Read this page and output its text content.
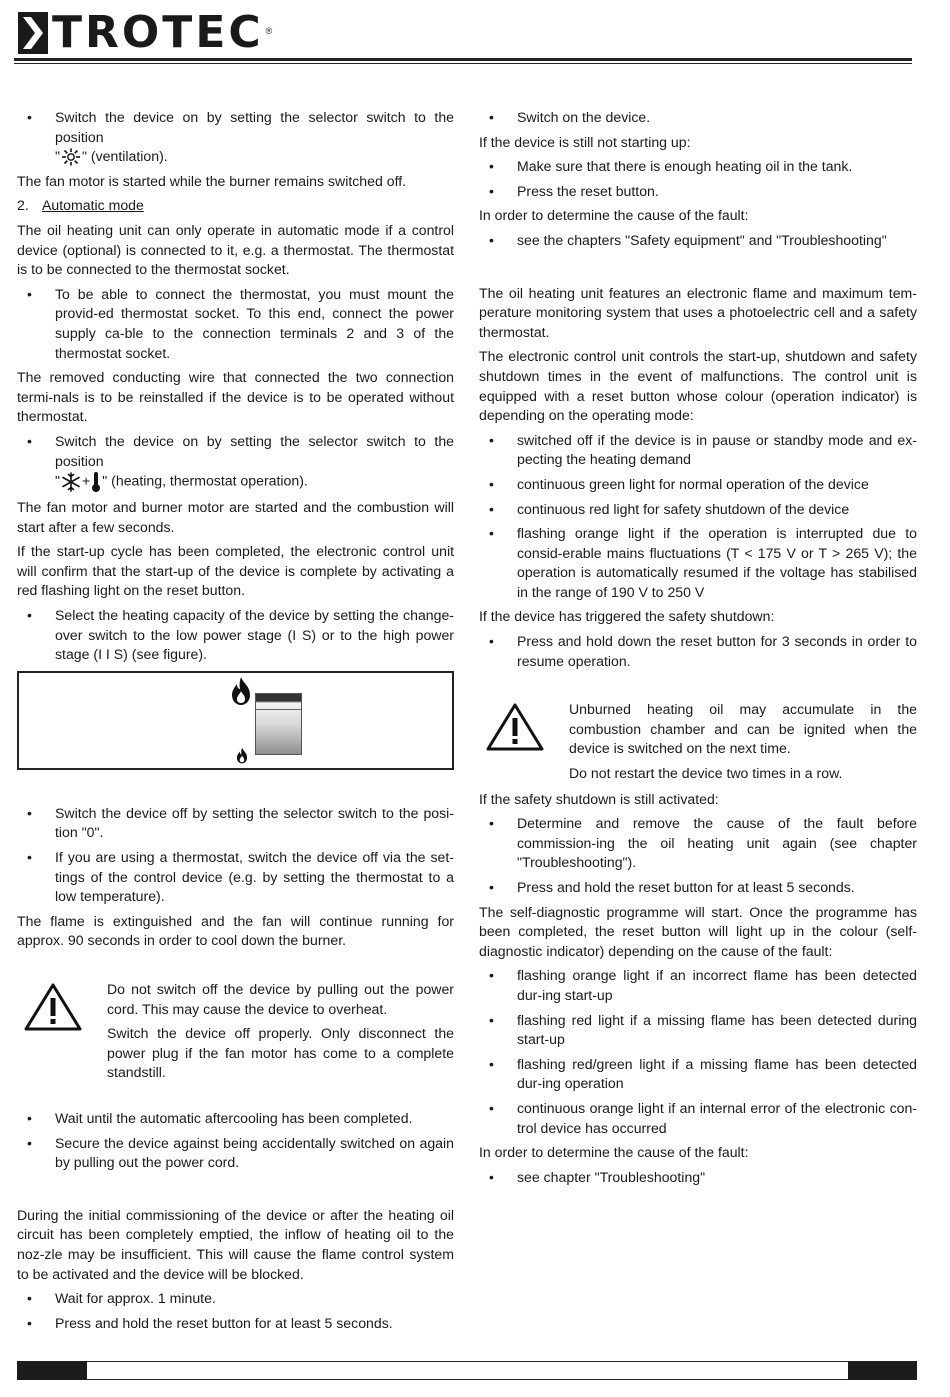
TROTEC ®
• Switch the device on by setting the selector switch to the position
" " (ventilation).
The fan motor is started while the burner remains switched off.
2. Automatic mode
The oil heating unit can only operate in automatic mode if a control device (optional) is connected to it, e.g. a thermostat. The thermostat is to be connected to the thermostat socket.
• To be able to connect the thermostat, you must mount the provid-ed thermostat socket. To this end, connect the power supply ca-ble to the connection terminals 2 and 3 of the thermostat socket.
The removed conducting wire that connected the two connection termi-nals is to be reinstalled if the device is to be operated without thermostat.
• Switch the device on by setting the selector switch to the position
" + " (heating, thermostat operation).
The fan motor and burner motor are started and the combustion will start after a few seconds.
If the start-up cycle has been completed, the electronic control unit will confirm that the start-up of the device is complete by activating a red flashing light on the reset button.
• Select the heating capacity of the device by setting the change-over switch to the low power stage (I S) or to the high power stage (I I S) (see figure).
• Switch the device off by setting the selector switch to the posi-tion "0".
• If you are using a thermostat, switch the device off via the set-tings of the control device (e.g. by setting the thermostat to a low temperature).
The flame is extinguished and the fan will continue running for approx. 90 seconds in order to cool down the burner.
Do not switch off the device by pulling out the power cord. This may cause the device to overheat.
Switch the device off properly. Only disconnect the power plug if the fan motor has come to a complete standstill.
• Wait until the automatic aftercooling has been completed.
• Secure the device against being accidentally switched on again by pulling out the power cord.
During the initial commissioning of the device or after the heating oil circuit has been completely emptied, the inflow of heating oil to the noz-zle may be insufficient. This will cause the flame control system to be activated and the device will be blocked.
• Wait for approx. 1 minute.
• Press and hold the reset button for at least 5 seconds.
• Switch on the device.
If the device is still not starting up:
• Make sure that there is enough heating oil in the tank.
• Press the reset button.
In order to determine the cause of the fault:
• see the chapters "Safety equipment" and "Troubleshooting"
The oil heating unit features an electronic flame and maximum tem-perature monitoring system that uses a photoelectric cell and a safety thermostat.
The electronic control unit controls the start-up, shutdown and safety shutdown times in the event of malfunctions. The control unit is equipped with a reset button whose colour (operation indicator) is depending on the operating mode:
• switched off if the device is in pause or standby mode and ex-pecting the heating demand
• continuous green light for normal operation of the device
• continuous red light for safety shutdown of the device
• flashing orange light if the operation is interrupted due to consid-erable mains fluctuations (T < 175 V or T > 265 V); the operation is automatically resumed if the voltage has stabilised in the range of 190 V to 250 V
If the device has triggered the safety shutdown:
• Press and hold down the reset button for 3 seconds in order to resume operation.
Unburned heating oil may accumulate in the combustion chamber and can be ignited when the device is switched on the next time.
Do not restart the device two times in a row.
If the safety shutdown is still activated:
• Determine and remove the cause of the fault before commission-ing the oil heating unit again (see chapter "Troubleshooting").
• Press and hold the reset button for at least 5 seconds.
The self-diagnostic programme will start. Once the programme has been completed, the reset button will light up in the colour (self-diagnostic indicator) depending on the cause of the fault:
• flashing orange light if an incorrect flame has been detected dur-ing start-up
• flashing red light if a missing flame has been detected during start-up
• flashing red/green light if a missing flame has been detected dur-ing operation
• continuous orange light if an internal error of the electronic con-trol device has occurred
In order to determine the cause of the fault:
• see chapter "Troubleshooting"
